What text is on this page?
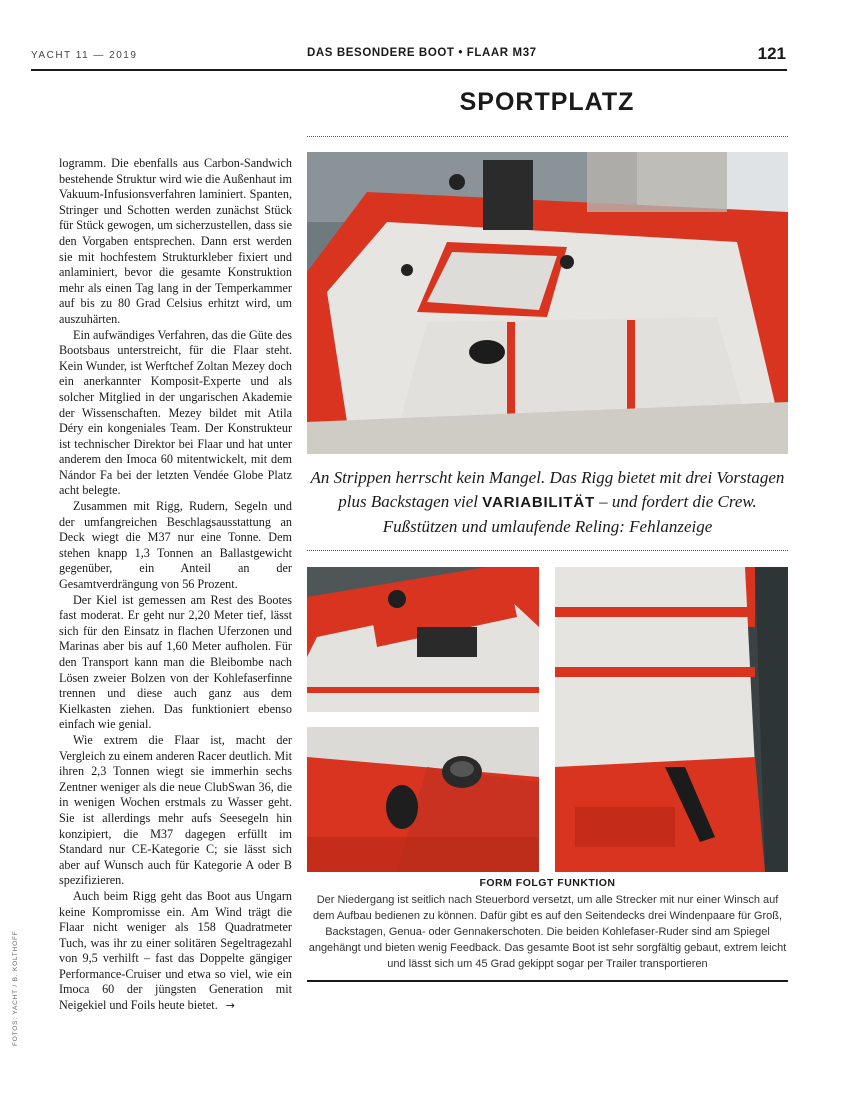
YACHT 11 — 2019	DAS BESONDERE BOOT • FLAAR M37	121
SPORTPLATZ

logramm. Die ebenfalls aus Carbon-Sandwich bestehende Struktur wird wie die Außenhaut im Vakuum-Infusionsverfahren laminiert. Spanten, Stringer und Schotten werden zunächst Stück für Stück gewogen, um sicherzustellen, dass sie den Vorgaben entsprechen. Dann erst werden sie mit hochfestem Strukturkleber fixiert und anlaminiert, bevor die gesamte Konstruktion mehr als einen Tag lang in der Temperkammer auf bis zu 80 Grad Celsius erhitzt wird, um auszuhärten.

Ein aufwändiges Verfahren, das die Güte des Bootsbaus unterstreicht, für die Flaar steht. Kein Wunder, ist Werftchef Zoltan Mezey doch ein anerkannter Komposit-Experte und als solcher Mitglied in der ungarischen Akademie der Wissenschaften. Mezey bildet mit Atila Déry ein kongeniales Team. Der Konstrukteur ist technischer Direktor bei Flaar und hat unter anderem den Imoca 60 mitentwickelt, mit dem Nándor Fa bei der letzten Vendée Globe Platz acht belegte.

Zusammen mit Rigg, Rudern, Segeln und der umfangreichen Beschlagsausstattung an Deck wiegt die M37 nur eine Tonne. Dem stehen knapp 1,3 Tonnen an Ballastgewicht gegenüber, ein Anteil an der Gesamtverdrängung von 56 Prozent.

Der Kiel ist gemessen am Rest des Bootes fast moderat. Er geht nur 2,20 Meter tief, lässt sich für den Einsatz in flachen Uferzonen und Marinas aber bis auf 1,60 Meter aufholen. Für den Transport kann man die Bleibombe nach Lösen zweier Bolzen von der Kohlefaserfinne trennen und diese auch ganz aus dem Kielkasten ziehen. Das funktioniert ebenso einfach wie genial.

Wie extrem die Flaar ist, macht der Vergleich zu einem anderen Racer deutlich. Mit ihren 2,3 Tonnen wiegt sie immerhin sechs Zentner weniger als die neue ClubSwan 36, die in wenigen Wochen erstmals zu Wasser geht. Sie ist allerdings mehr aufs Seesegeln hin konzipiert, die M37 dagegen erfüllt im Standard nur CE-Kategorie C; sie lässt sich aber auf Wunsch auch für Kategorie A oder B spezifizieren.

Auch beim Rigg geht das Boot aus Ungarn keine Kompromisse ein. Am Wind trägt die Flaar nicht weniger als 158 Quadratmeter Tuch, was ihr zu einer solitären Segeltragezahl von 9,5 verhilft – fast das Doppelte gängiger Performance-Cruiser und etwa so viel, wie ein Imoca 60 der jüngsten Generation mit Neigekiel und Foils heute bietet. →

FOTOS: YACHT / B. KOLTHOFF
An Strippen herrscht kein Mangel. Das Rigg bietet mit drei Vorstagen plus Backstagen viel VARIABILITÄT – und fordert die Crew. Fußstützen und umlaufende Reling: Fehlanzeige
FORM FOLGT FUNKTION
Der Niedergang ist seitlich nach Steuerbord versetzt, um alle Strecker mit nur einer Winsch auf dem Aufbau bedienen zu können. Dafür gibt es auf den Seitendecks drei Windenpaare für Groß, Backstagen, Genua- oder Gennakerschoten. Die beiden Kohlefaser-Ruder sind am Spiegel angehängt und bieten wenig Feedback. Das gesamte Boot ist sehr sorgfältig gebaut, extrem leicht und lässt sich um 45 Grad gekippt sogar per Trailer transportieren
